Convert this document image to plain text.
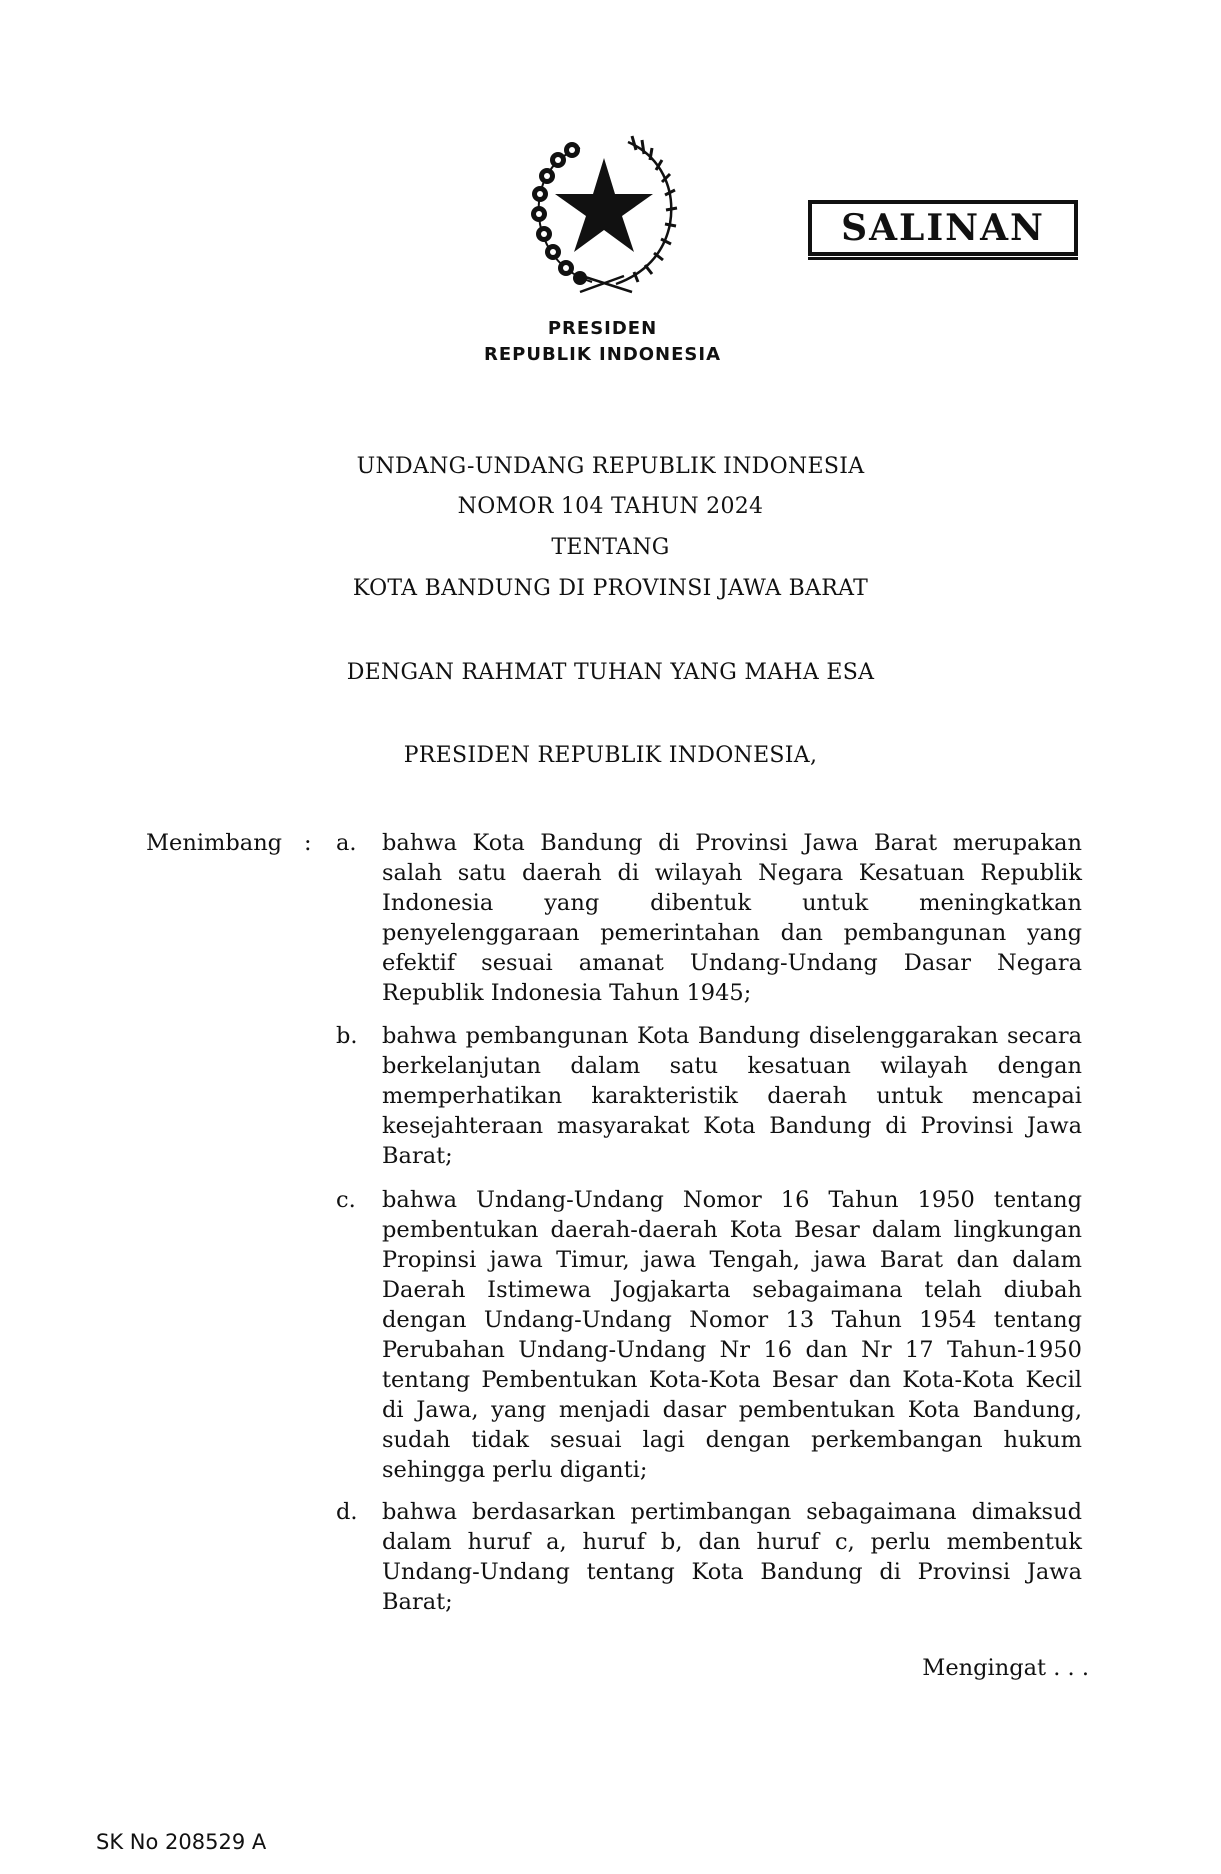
SALINAN
PRESIDEN
REPUBLIK INDONESIA
UNDANG-UNDANG REPUBLIK INDONESIA
NOMOR 104 TAHUN 2024
TENTANG
KOTA BANDUNG DI PROVINSI JAWA BARAT
DENGAN RAHMAT TUHAN YANG MAHA ESA
PRESIDEN REPUBLIK INDONESIA,
Menimbang : a. bahwa Kota Bandung di Provinsi Jawa Barat merupakan salah satu daerah di wilayah Negara Kesatuan Republik Indonesia yang dibentuk untuk meningkatkan penyelenggaraan pemerintahan dan pembangunan yang efektif sesuai amanat Undang-Undang Dasar Negara Republik Indonesia Tahun 1945;
b. bahwa pembangunan Kota Bandung diselenggarakan secara berkelanjutan dalam satu kesatuan wilayah dengan memperhatikan karakteristik daerah untuk mencapai kesejahteraan masyarakat Kota Bandung di Provinsi Jawa Barat;
c. bahwa Undang-Undang Nomor 16 Tahun 1950 tentang pembentukan daerah-daerah Kota Besar dalam lingkungan Propinsi jawa Timur, jawa Tengah, jawa Barat dan dalam Daerah Istimewa Jogjakarta sebagaimana telah diubah dengan Undang-Undang Nomor 13 Tahun 1954 tentang Perubahan Undang-Undang Nr 16 dan Nr 17 Tahun-1950 tentang Pembentukan Kota-Kota Besar dan Kota-Kota Kecil di Jawa, yang menjadi dasar pembentukan Kota Bandung, sudah tidak sesuai lagi dengan perkembangan hukum sehingga perlu diganti;
d. bahwa berdasarkan pertimbangan sebagaimana dimaksud dalam huruf a, huruf b, dan huruf c, perlu membentuk Undang-Undang tentang Kota Bandung di Provinsi Jawa Barat;
Mengingat . . .
SK No 208529 A
